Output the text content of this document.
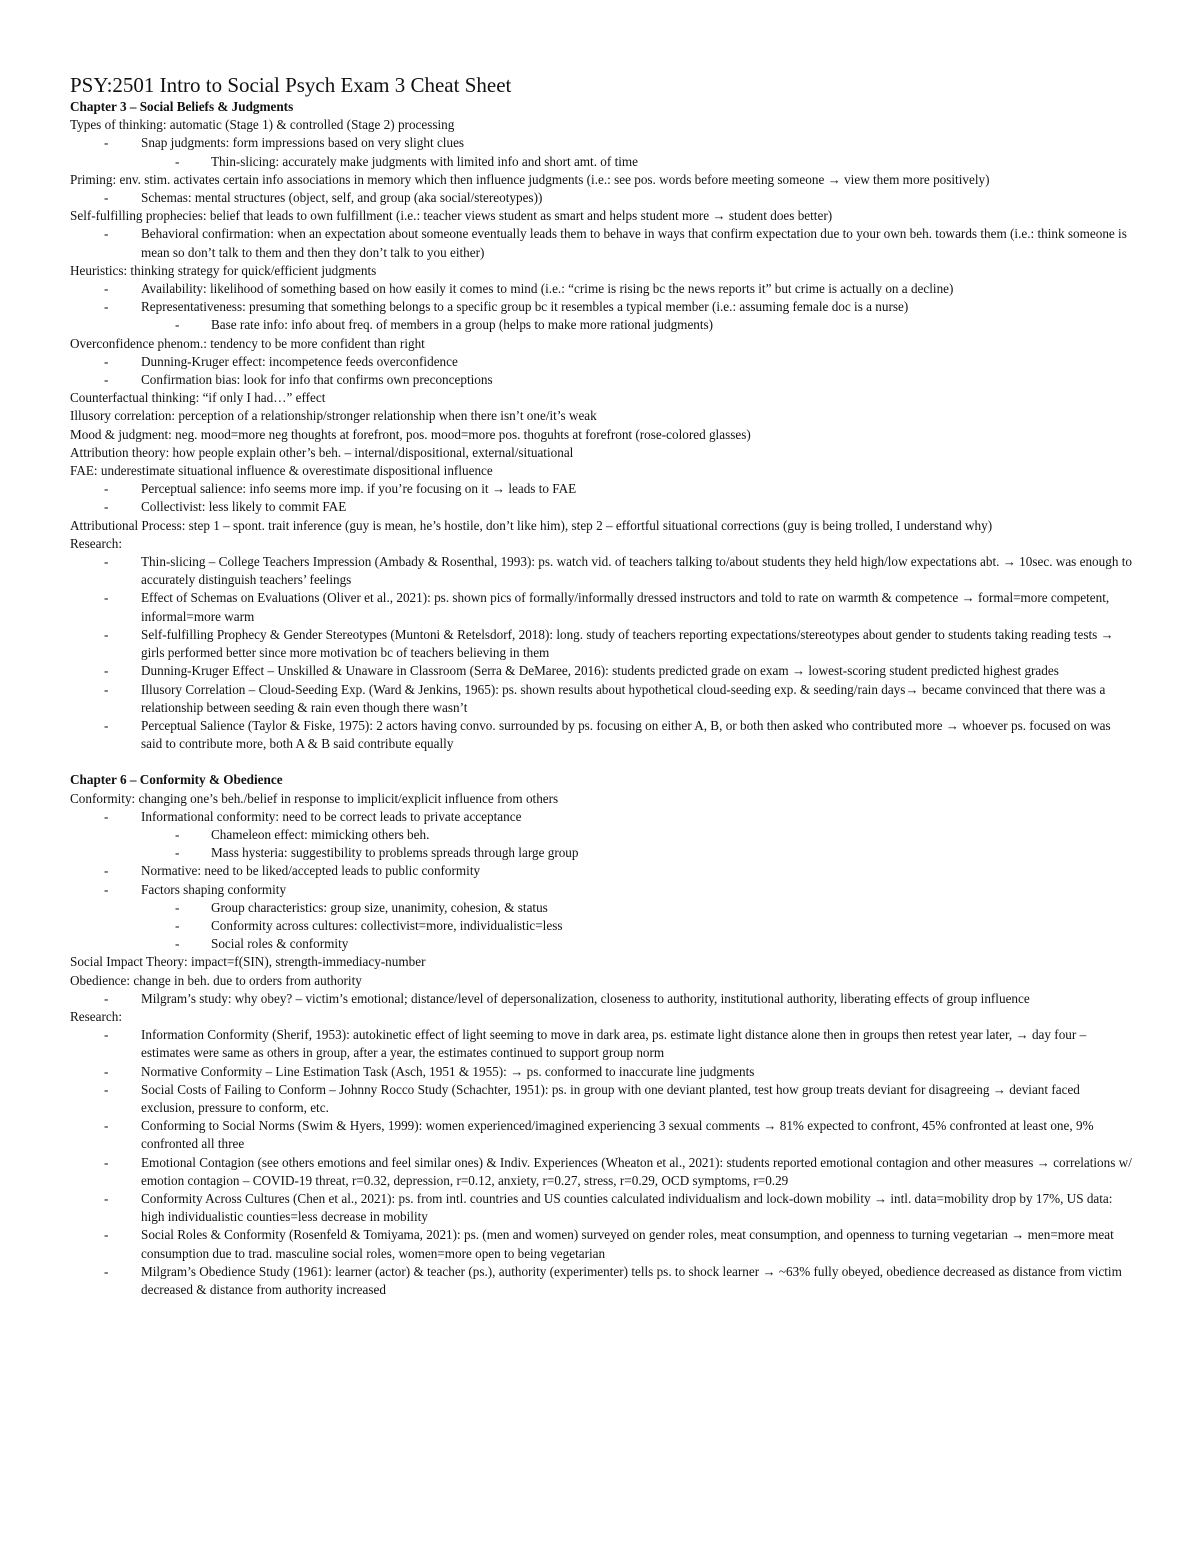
PSY:2501 Intro to Social Psych Exam 3 Cheat Sheet

Chapter 3 – Social Beliefs & Judgments

Types of thinking: automatic (Stage 1) & controlled (Stage 2) processing

- Snap judgments: form impressions based on very slight clues

- Thin-slicing: accurately make judgments with limited info and short amt. of time

Priming: env. stim. activates certain info associations in memory which then influence judgments (i.e.: see pos. words before meeting someone → view them more positively)

- Schemas: mental structures (object, self, and group (aka social/stereotypes))

Self-fulfilling prophecies: belief that leads to own fulfillment (i.e.: teacher views student as smart and helps student more → student does better)

- Behavioral confirmation: when an expectation about someone eventually leads them to behave in ways that confirm expectation due to your own beh. towards them (i.e.: think someone is mean so don’t talk to them and then they don’t talk to you either)

Heuristics: thinking strategy for quick/efficient judgments

- Availability: likelihood of something based on how easily it comes to mind (i.e.: “crime is rising bc the news reports it” but crime is actually on a decline)

- Representativeness: presuming that something belongs to a specific group bc it resembles a typical member (i.e.: assuming female doc is a nurse)

- Base rate info: info about freq. of members in a group (helps to make more rational judgments)

Overconfidence phenom.: tendency to be more confident than right

- Dunning-Kruger effect: incompetence feeds overconfidence

- Confirmation bias: look for info that confirms own preconceptions

Counterfactual thinking: “if only I had…” effect

Illusory correlation: perception of a relationship/stronger relationship when there isn’t one/it’s weak

Mood & judgment: neg. mood=more neg thoughts at forefront, pos. mood=more pos. thoguhts at forefront (rose-colored glasses)

Attribution theory: how people explain other’s beh. – internal/dispositional, external/situational

FAE: underestimate situational influence & overestimate dispositional influence

- Perceptual salience: info seems more imp. if you’re focusing on it → leads to FAE

- Collectivist: less likely to commit FAE

Attributional Process: step 1 – spont. trait inference (guy is mean, he’s hostile, don’t like him), step 2 – effortful situational corrections (guy is being trolled, I understand why)

Research:

- Thin-slicing – College Teachers Impression (Ambady & Rosenthal, 1993): ps. watch vid. of teachers talking to/about students they held high/low expectations abt. → 10sec. was enough to accurately distinguish teachers’ feelings

- Effect of Schemas on Evaluations (Oliver et al., 2021): ps. shown pics of formally/informally dressed instructors and told to rate on warmth & competence → formal=more competent, informal=more warm

- Self-fulfilling Prophecy & Gender Stereotypes (Muntoni & Retelsdorf, 2018): long. study of teachers reporting expectations/stereotypes about gender to students taking reading tests → girls performed better since more motivation bc of teachers believing in them

- Dunning-Kruger Effect – Unskilled & Unaware in Classroom (Serra & DeMaree, 2016): students predicted grade on exam → lowest-scoring student predicted highest grades

- Illusory Correlation – Cloud-Seeding Exp. (Ward & Jenkins, 1965): ps. shown results about hypothetical cloud-seeding exp. & seeding/rain days→ became convinced that there was a relationship between seeding & rain even though there wasn’t

- Perceptual Salience (Taylor & Fiske, 1975): 2 actors having convo. surrounded by ps. focusing on either A, B, or both then asked who contributed more → whoever ps. focused on was said to contribute more, both A & B said contribute equally

Chapter 6 – Conformity & Obedience

Conformity: changing one’s beh./belief in response to implicit/explicit influence from others

- Informational conformity: need to be correct leads to private acceptance

- Chameleon effect: mimicking others beh.

- Mass hysteria: suggestibility to problems spreads through large group

- Normative: need to be liked/accepted leads to public conformity

- Factors shaping conformity

- Group characteristics: group size, unanimity, cohesion, & status

- Conformity across cultures: collectivist=more, individualistic=less

- Social roles & conformity

Social Impact Theory: impact=f(SIN), strength-immediacy-number

Obedience: change in beh. due to orders from authority

- Milgram’s study: why obey? – victim’s emotional; distance/level of depersonalization, closeness to authority, institutional authority, liberating effects of group influence

Research:

- Information Conformity (Sherif, 1953): autokinetic effect of light seeming to move in dark area, ps. estimate light distance alone then in groups then retest year later, → day four – estimates were same as others in group, after a year, the estimates continued to support group norm

- Normative Conformity – Line Estimation Task (Asch, 1951 & 1955): → ps. conformed to inaccurate line judgments

- Social Costs of Failing to Conform – Johnny Rocco Study (Schachter, 1951): ps. in group with one deviant planted, test how group treats deviant for disagreeing → deviant faced exclusion, pressure to conform, etc.

- Conforming to Social Norms (Swim & Hyers, 1999): women experienced/imagined experiencing 3 sexual comments → 81% expected to confront, 45% confronted at least one, 9% confronted all three

- Emotional Contagion (see others emotions and feel similar ones) & Indiv. Experiences (Wheaton et al., 2021): students reported emotional contagion and other measures → correlations w/ emotion contagion – COVID-19 threat, r=0.32, depression, r=0.12, anxiety, r=0.27, stress, r=0.29, OCD symptoms, r=0.29

- Conformity Across Cultures (Chen et al., 2021): ps. from intl. countries and US counties calculated individualism and lock-down mobility → intl. data=mobility drop by 17%, US data: high individualistic counties=less decrease in mobility

- Social Roles & Conformity (Rosenfeld & Tomiyama, 2021): ps. (men and women) surveyed on gender roles, meat consumption, and openness to turning vegetarian → men=more meat consumption due to trad. masculine social roles, women=more open to being vegetarian

- Milgram’s Obedience Study (1961): learner (actor) & teacher (ps.), authority (experimenter) tells ps. to shock learner → ~63% fully obeyed, obedience decreased as distance from victim decreased & distance from authority increased
